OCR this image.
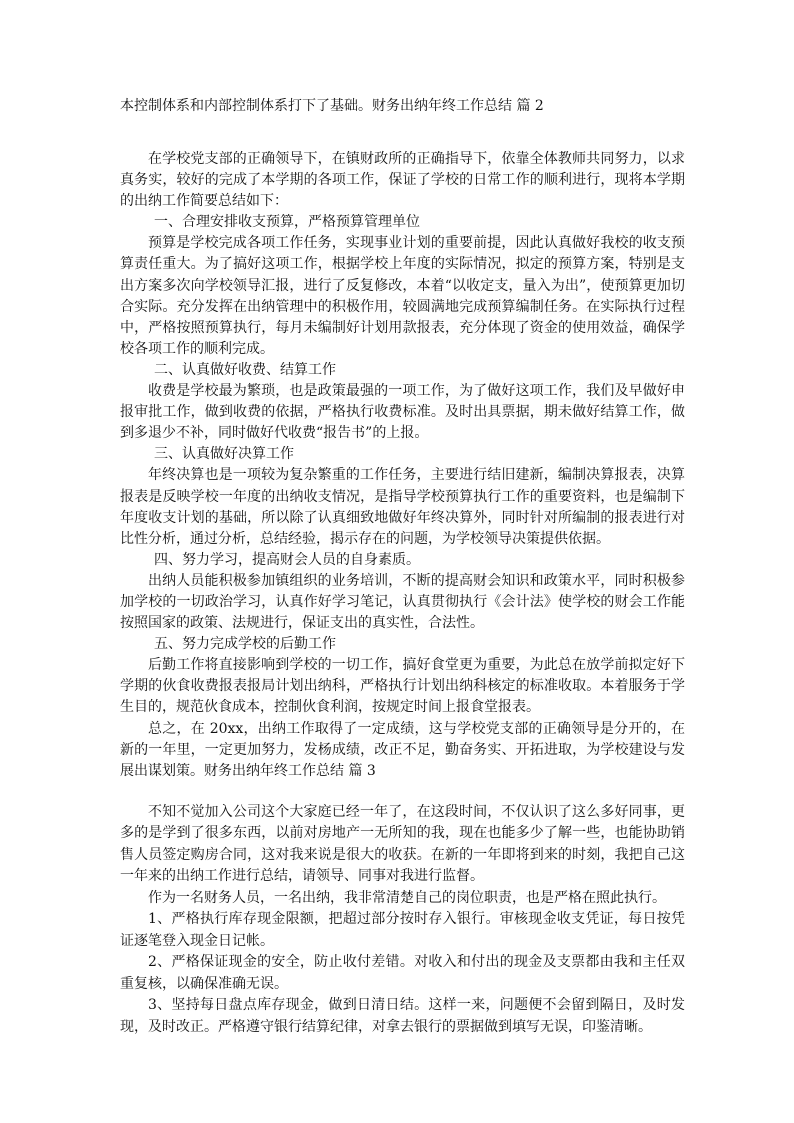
本控制体系和内部控制体系打下了基础。财务出纳年终工作总结 篇 2

在学校党支部的正确领导下，在镇财政所的正确指导下，依靠全体教师共同努力，以求真务实，较好的完成了本学期的各项工作，保证了学校的日常工作的顺利进行，现将本学期的出纳工作简要总结如下：

一、合理安排收支预算，严格预算管理单位

预算是学校完成各项工作任务，实现事业计划的重要前提，因此认真做好我校的收支预算责任重大。为了搞好这项工作，根据学校上年度的实际情况，拟定的预算方案，特别是支出方案多次向学校领导汇报，进行了反复修改，本着“以收定支，量入为出”，使预算更加切合实际。充分发挥在出纳管理中的积极作用，较圆满地完成预算编制任务。在实际执行过程中，严格按照预算执行，每月未编制好计划用款报表，充分体现了资金的使用效益，确保学校各项工作的顺利完成。

二、认真做好收费、结算工作

收费是学校最为繁琐，也是政策最强的一项工作，为了做好这项工作，我们及早做好申报审批工作，做到收费的依据，严格执行收费标准。及时出具票据，期未做好结算工作，做到多退少不补，同时做好代收费“报告书”的上报。

三、认真做好决算工作

年终决算也是一项较为复杂繁重的工作任务，主要进行结旧建新，编制决算报表，决算报表是反映学校一年度的出纳收支情况，是指导学校预算执行工作的重要资料，也是编制下年度收支计划的基础，所以除了认真细致地做好年终决算外，同时针对所编制的报表进行对比性分析，通过分析，总结经验，揭示存在的问题，为学校领导决策提供依据。

四、努力学习，提高财会人员的自身素质。

出纳人员能积极参加镇组织的业务培训，不断的提高财会知识和政策水平，同时积极参加学校的一切政治学习，认真作好学习笔记，认真贯彻执行《会计法》使学校的财会工作能按照国家的政策、法规进行，保证支出的真实性，合法性。

五、努力完成学校的后勤工作

后勤工作将直接影响到学校的一切工作，搞好食堂更为重要，为此总在放学前拟定好下学期的伙食收费报表报局计划出纳科，严格执行计划出纳科核定的标准收取。本着服务于学生目的，规范伙食成本，控制伙食利润，按规定时间上报食堂报表。

总之，在 20xx，出纳工作取得了一定成绩，这与学校党支部的正确领导是分开的，在新的一年里，一定更加努力，发杨成绩，改正不足，勤奋务实、开拓进取，为学校建设与发展出谋划策。财务出纳年终工作总结 篇 3

不知不觉加入公司这个大家庭已经一年了，在这段时间，不仅认识了这么多好同事，更多的是学到了很多东西，以前对房地产一无所知的我，现在也能多少了解一些，也能协助销售人员签定购房合同，这对我来说是很大的收获。在新的一年即将到来的时刻，我把自己这一年来的出纳工作进行总结，请领导、同事对我进行监督。

作为一名财务人员，一名出纳，我非常清楚自己的岗位职责，也是严格在照此执行。

1、严格执行库存现金限额，把超过部分按时存入银行。审核现金收支凭证，每日按凭证逐笔登入现金日记帐。

2、严格保证现金的安全，防止收付差错。对收入和付出的现金及支票都由我和主任双重复核，以确保准确无误。

3、坚持每日盘点库存现金，做到日清日结。这样一来，问题便不会留到隔日，及时发现，及时改正。严格遵守银行结算纪律，对拿去银行的票据做到填写无误，印鉴清晰。
